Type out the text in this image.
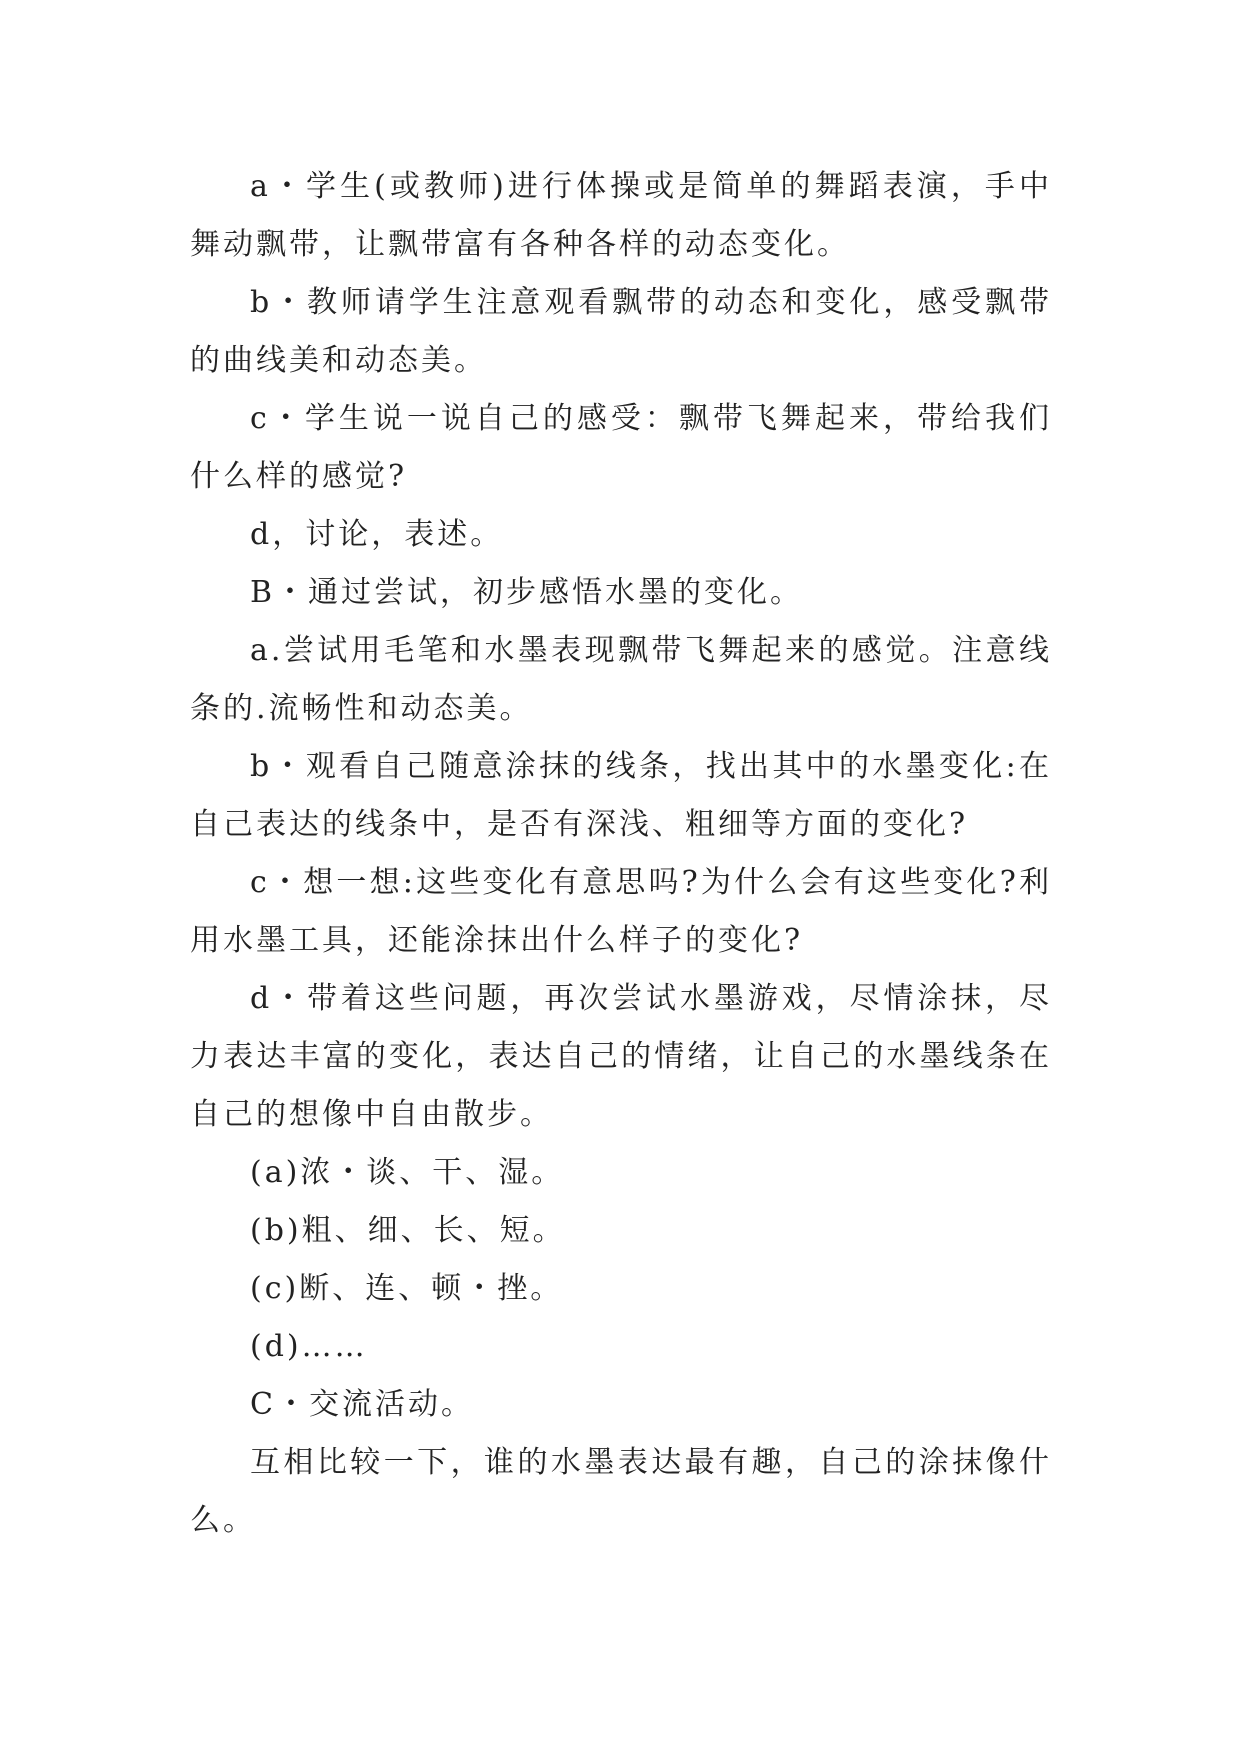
a・学生(或教师)进行体操或是简单的舞蹈表演，手中舞动飘带，让飘带富有各种各样的动态变化。

b・教师请学生注意观看飘带的动态和变化，感受飘带的曲线美和动态美。

c・学生说一说自己的感受：飘带飞舞起来，带给我们什么样的感觉?

d，讨论，表述。

B・通过尝试，初步感悟水墨的变化。

a.尝试用毛笔和水墨表现飘带飞舞起来的感觉。注意线条的.流畅性和动态美。

b・观看自己随意涂抹的线条，找出其中的水墨变化:在自己表达的线条中，是否有深浅、粗细等方面的变化?

c・想一想:这些变化有意思吗?为什么会有这些变化?利用水墨工具，还能涂抹出什么样子的变化?

d・带着这些问题，再次尝试水墨游戏，尽情涂抹，尽力表达丰富的变化，表达自己的情绪，让自己的水墨线条在自己的想像中自由散步。

(a)浓・谈、干、湿。

(b)粗、细、长、短。

(c)断、连、顿・挫。

(d)……

C・交流活动。

互相比较一下，谁的水墨表达最有趣，自己的涂抹像什么。
